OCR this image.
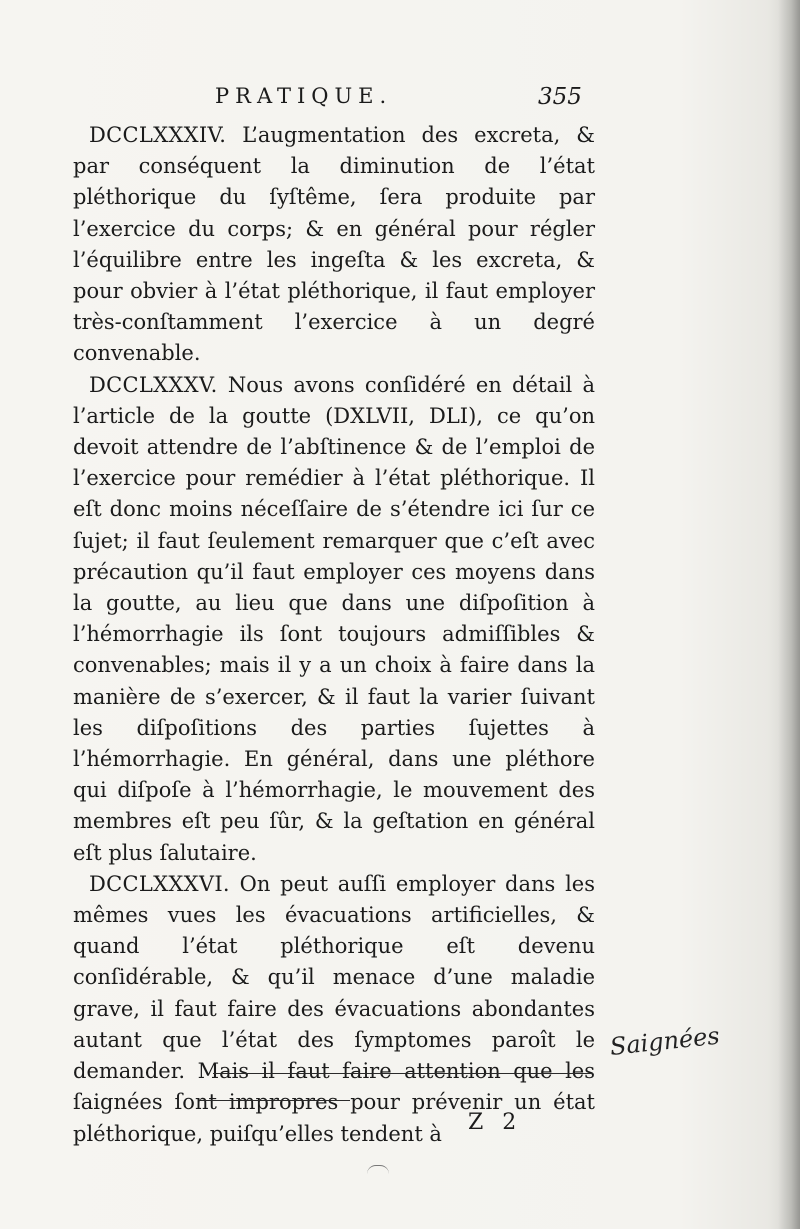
PRATIQUE.	355

DCCLXXXIV. L’augmentation des excreta, & par conséquent la diminution de l’état pléthorique du ſyſtême, ſera produite par l’exercice du corps; & en général pour régler l’équilibre entre les ingeſta & les excreta, & pour obvier à l’état pléthorique, il faut employer très-conſtamment l’exercice à un degré convenable.

DCCLXXXV. Nous avons conſidéré en détail à l’article de la goutte (DXLVII, DLI), ce qu’on devoit attendre de l’abſtinence & de l’emploi de l’exercice pour remédier à l’état pléthorique. Il eſt donc moins néceſſaire de s’étendre ici ſur ce ſujet; il faut ſeulement remarquer que c’eſt avec précaution qu’il faut employer ces moyens dans la goutte, au lieu que dans une diſpoſition à l’hémorrhagie ils ſont toujours admiſſibles & convenables; mais il y a un choix à faire dans la manière de s’exercer, & il faut la varier ſuivant les diſpoſitions des parties ſujettes à l’hémorrhagie. En général, dans une pléthore qui diſpoſe à l’hémorrhagie, le mouvement des membres eſt peu ſûr, & la geſtation en général eſt plus ſalutaire.

DCCLXXXVI. On peut auſſi employer dans les mêmes vues les évacuations artificielles, & quand l’état pléthorique eſt devenu conſidérable, & qu’il menace d’une maladie grave, il faut faire des évacuations abondantes autant que l’état des ſymptomes paroît le demander. Mais il faut faire attention que les ſaignées ſont impropres pour prévenir un état pléthorique, puiſqu’elles tendent à

Saignées
Z 2
